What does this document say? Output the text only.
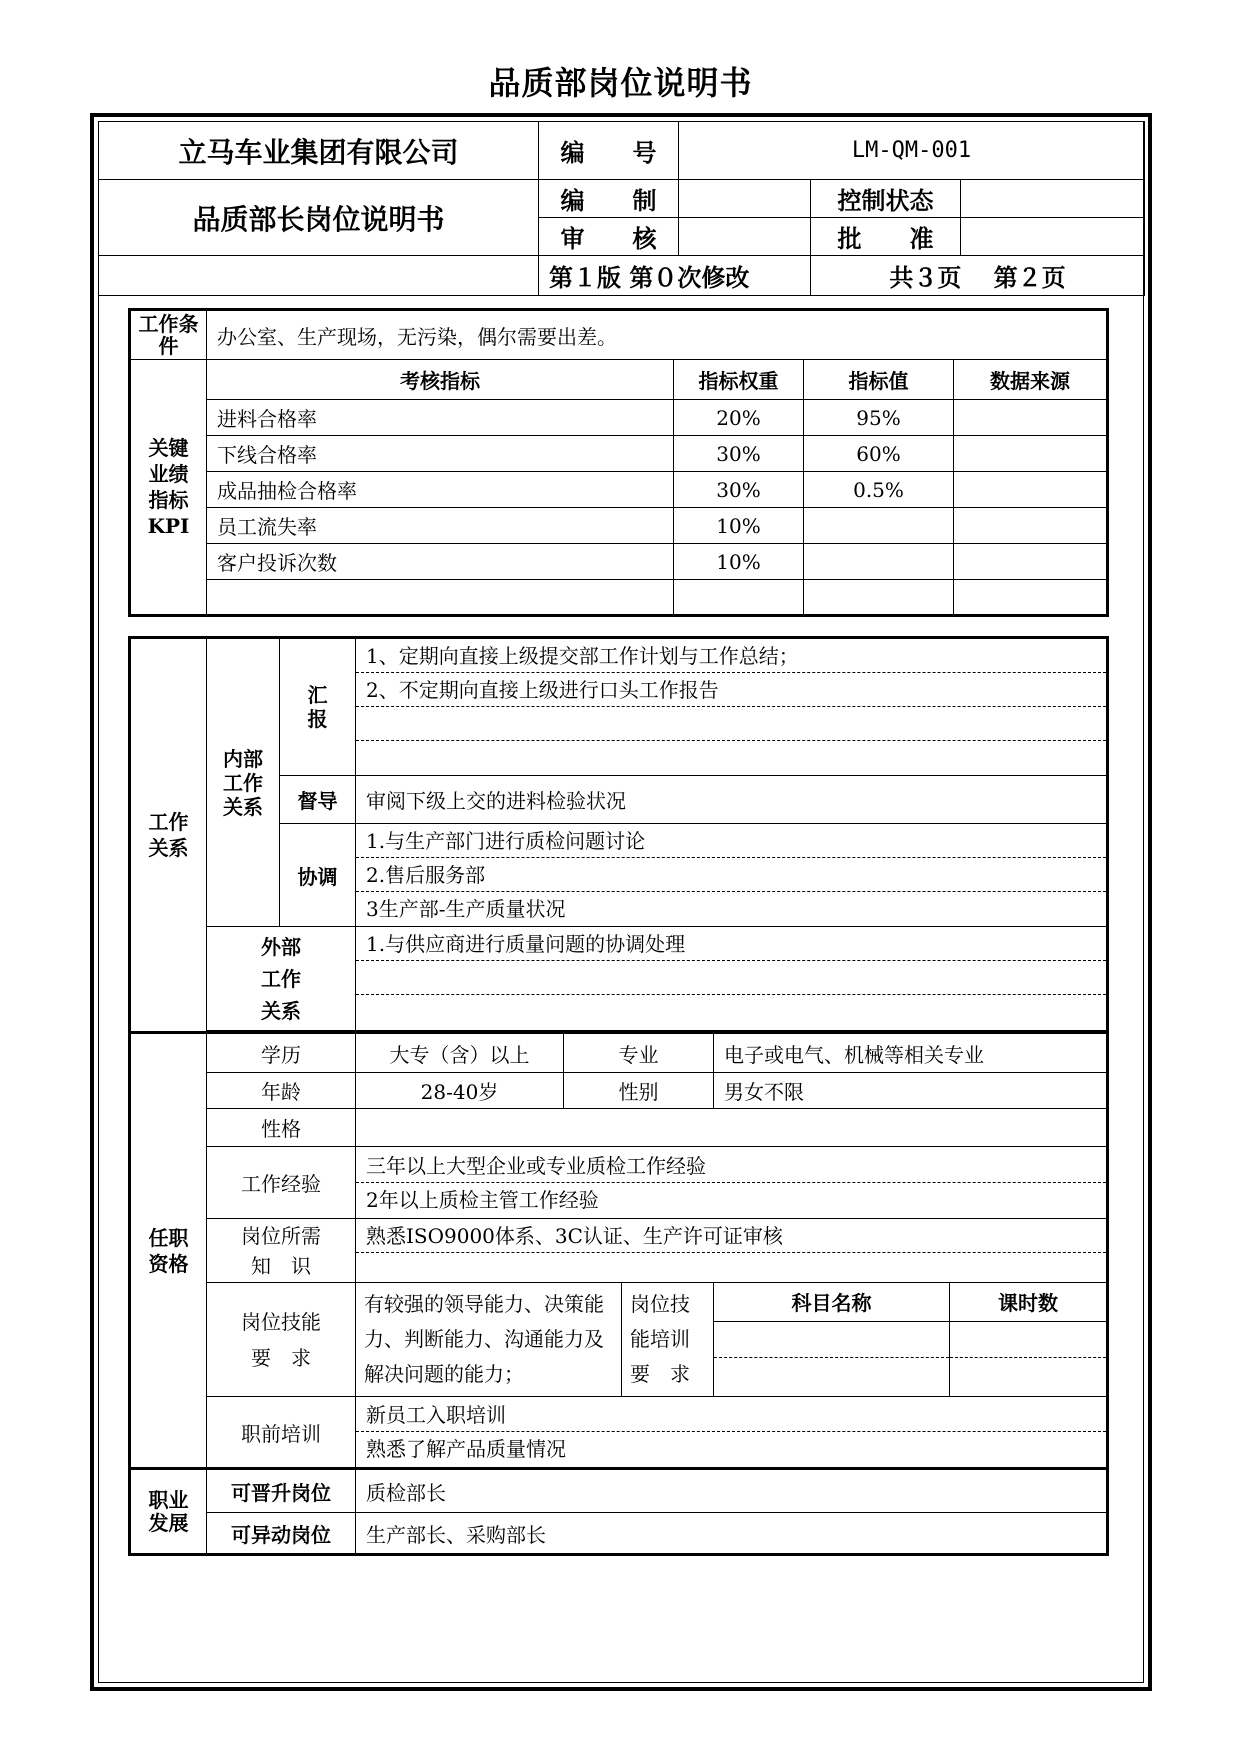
品质部岗位说明书
立马车业集团有限公司	编　　号	LM-QM-001		
品质部长岗位说明书	编　　制		控制状态	
	审　　核		批　　准	
	第１版 第０次修改		共３页　 第２页	
工作条件	办公室、生产现场，无污染，偶尔需要出差。			

关键业绩指标KPI	考核指标	指标权重	指标值	数据来源
	进料合格率	20%	95%	
	下线合格率	30%	60%	
	成品抽检合格率	30%	0.5%	
	员工流失率	10%		
	客户投诉次数	10%		

工作关系	内部工作关系	汇报	1、定期向直接上级提交部工作计划与工作总结；
2、不定期向直接上级进行口头工作报告				

		督导	审阅下级上交的进料检验状况				
		协调	1.与生产部门进行质检问题讨论
2.售后服务部
3生产部-生产质量状况				

	外部工作关系		1.与供应商进行质量问题的协调处理				

任职资格	学历		大专（含）以上	专业		电子或电气、机械等相关专业	
	年龄		28-40岁	性别		男女不限	
	性格						
	工作经验		三年以上大型企业或专业质检工作经验
2年以上质检主管工作经验				

	岗位所需知　识		熟悉ISO9000体系、3C认证、生产许可证审核				

	岗位技能要　求		有较强的领导能力、决策能力、判断能力、沟通能力及解决问题的能力；		岗位技能培训要　求	科目名称	课时数

	职前培训		新员工入职培训
熟悉了解产品质量情况				

职业发展	可晋升岗位		质检部长				
	可异动岗位		生产部长、采购部长				
